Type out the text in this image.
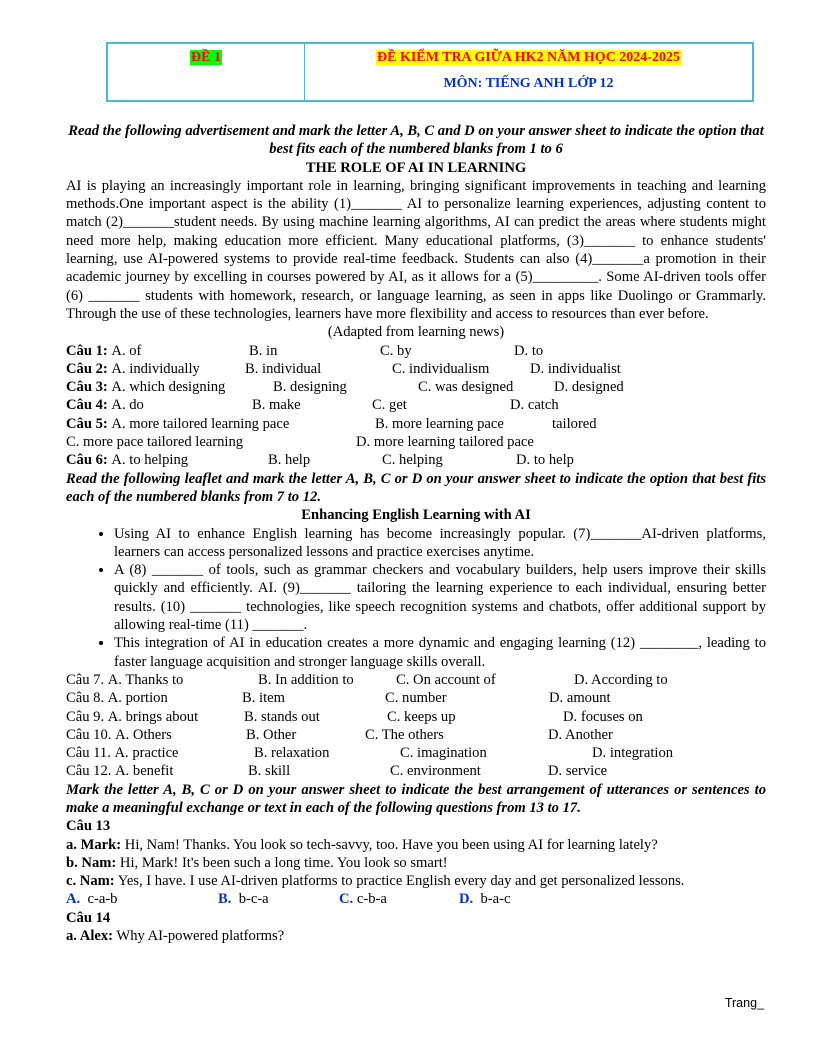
ĐỀ 1	ĐỀ KIỂM TRA GIỮA HK2 NĂM HỌC 2024-2025
MÔN: TIẾNG ANH LỚP 12

Read the following advertisement and mark the letter A, B, C and D on your answer sheet to indicate the option that best fits each of the numbered blanks from 1 to 6

THE ROLE OF AI IN LEARNING

AI is playing an increasingly important role in learning, bringing significant improvements in teaching and learning methods.One important aspect is the ability (1)_______ AI to personalize learning experiences, adjusting content to match (2)_______student needs. By using machine learning algorithms, AI can predict the areas where students might need more help, making education more efficient. Many educational platforms, (3)_______ to enhance students' learning, use AI-powered systems to provide real-time feedback. Students can also (4)_______a promotion in their academic journey by excelling in courses powered by AI, as it allows for a (5)_________. Some AI-driven tools offer (6) _______ students with homework, research, or language learning, as seen in apps like Duolingo or Grammarly. Through the use of these technologies, learners have more flexibility and access to resources than ever before.

(Adapted from learning news)

Câu 1: A. of	B. in	C. by	D. to
Câu 2: A. individually	B. individual	C. individualism	D. individualist
Câu 3: A. which designing	B. designing	C. was designed	D. designed
Câu 4: A. do	B. make	C. get	D. catch
Câu 5: A. more tailored learning pace	B. more learning pace	tailored
C. more pace tailored learning	D. more learning tailored pace
Câu 6: A. to helping	B. help	C. helping	D. to help

Read the following leaflet and mark the letter A, B, C or D on your answer sheet to indicate the option that best fits each of the numbered blanks from 7 to 12.

Enhancing English Learning with AI

• Using AI to enhance English learning has become increasingly popular. (7)_______AI-driven platforms, learners can access personalized lessons and practice exercises anytime.
• A (8) _______ of tools, such as grammar checkers and vocabulary builders, help users improve their skills quickly and efficiently. AI. (9)_______ tailoring the learning experience to each individual, ensuring better results. (10) _______ technologies, like speech recognition systems and chatbots, offer additional support by allowing real-time (11) _______.
• This integration of AI in education creates a more dynamic and engaging learning (12) ________, leading to faster language acquisition and stronger language skills overall.
Câu 7. A. Thanks to	B. In addition to	C. On account of	D. According to
Câu 8. A. portion	B. item	C. number	D. amount
Câu 9. A. brings about	B. stands out	C. keeps up	D. focuses on
Câu 10. A. Others	B. Other	C. The others	D. Another
Câu 11. A. practice	B. relaxation	C. imagination	D. integration
Câu 12. A. benefit	B. skill	C. environment	D. service

Mark the letter A, B, C or D on your answer sheet to indicate the best arrangement of utterances or sentences to make a meaningful exchange or text in each of the following questions from 13 to 17.

Câu 13

a. Mark: Hi, Nam! Thanks. You look so tech-savvy, too. Have you been using AI for learning lately?

b. Nam: Hi, Mark! It's been such a long time. You look so smart!

c. Nam: Yes, I have. I use AI-driven platforms to practice English every day and get personalized lessons.

A. c-a-b	B. b-c-a	C. c-b-a	D. b-a-c

Câu 14

a. Alex: Why AI-powered platforms?

Trang_
